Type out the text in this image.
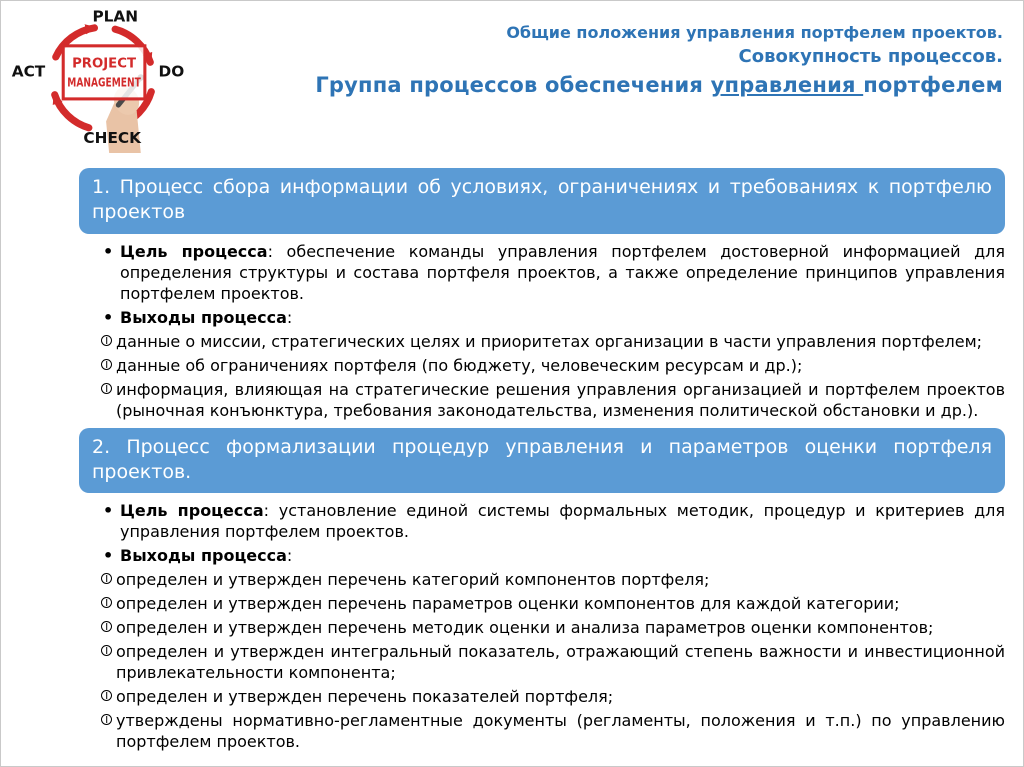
PROJECT
MANAGEMENT
PLAN
DO
CHECK
ACT
Общие положения управления портфелем проектов.
Совокупность процессов.
Группа процессов обеспечения управления портфелем
1. Процесс сбора информации об условиях, ограничениях и требованиях к портфелю проектов
• Цель процесса: обеспечение команды управления портфелем достоверной информацией для определения структуры и состава портфеля проектов, а также определение принципов управления портфелем проектов.
• Выходы процесса:
данные о миссии, стратегических целях и приоритетах организации в части управления портфелем;
данные об ограничениях портфеля (по бюджету, человеческим ресурсам и др.);
информация, влияющая на стратегические решения управления организацией и портфелем проектов (рыночная конъюнктура, требования законодательства, изменения политической обстановки и др.).
2. Процесс формализации процедур управления и параметров оценки портфеля проектов.
• Цель процесса: установление единой системы формальных методик, процедур и критериев для управления портфелем проектов.
• Выходы процесса:
определен и утвержден перечень категорий компонентов портфеля;
определен и утвержден перечень параметров оценки компонентов для каждой категории;
определен и утвержден перечень методик оценки и анализа параметров оценки компонентов;
определен и утвержден интегральный показатель, отражающий степень важности и инвестиционной привлекательности компонента;
определен и утвержден перечень показателей портфеля;
утверждены нормативно-регламентные документы (регламенты, положения и т.п.) по управлению портфелем проектов.
